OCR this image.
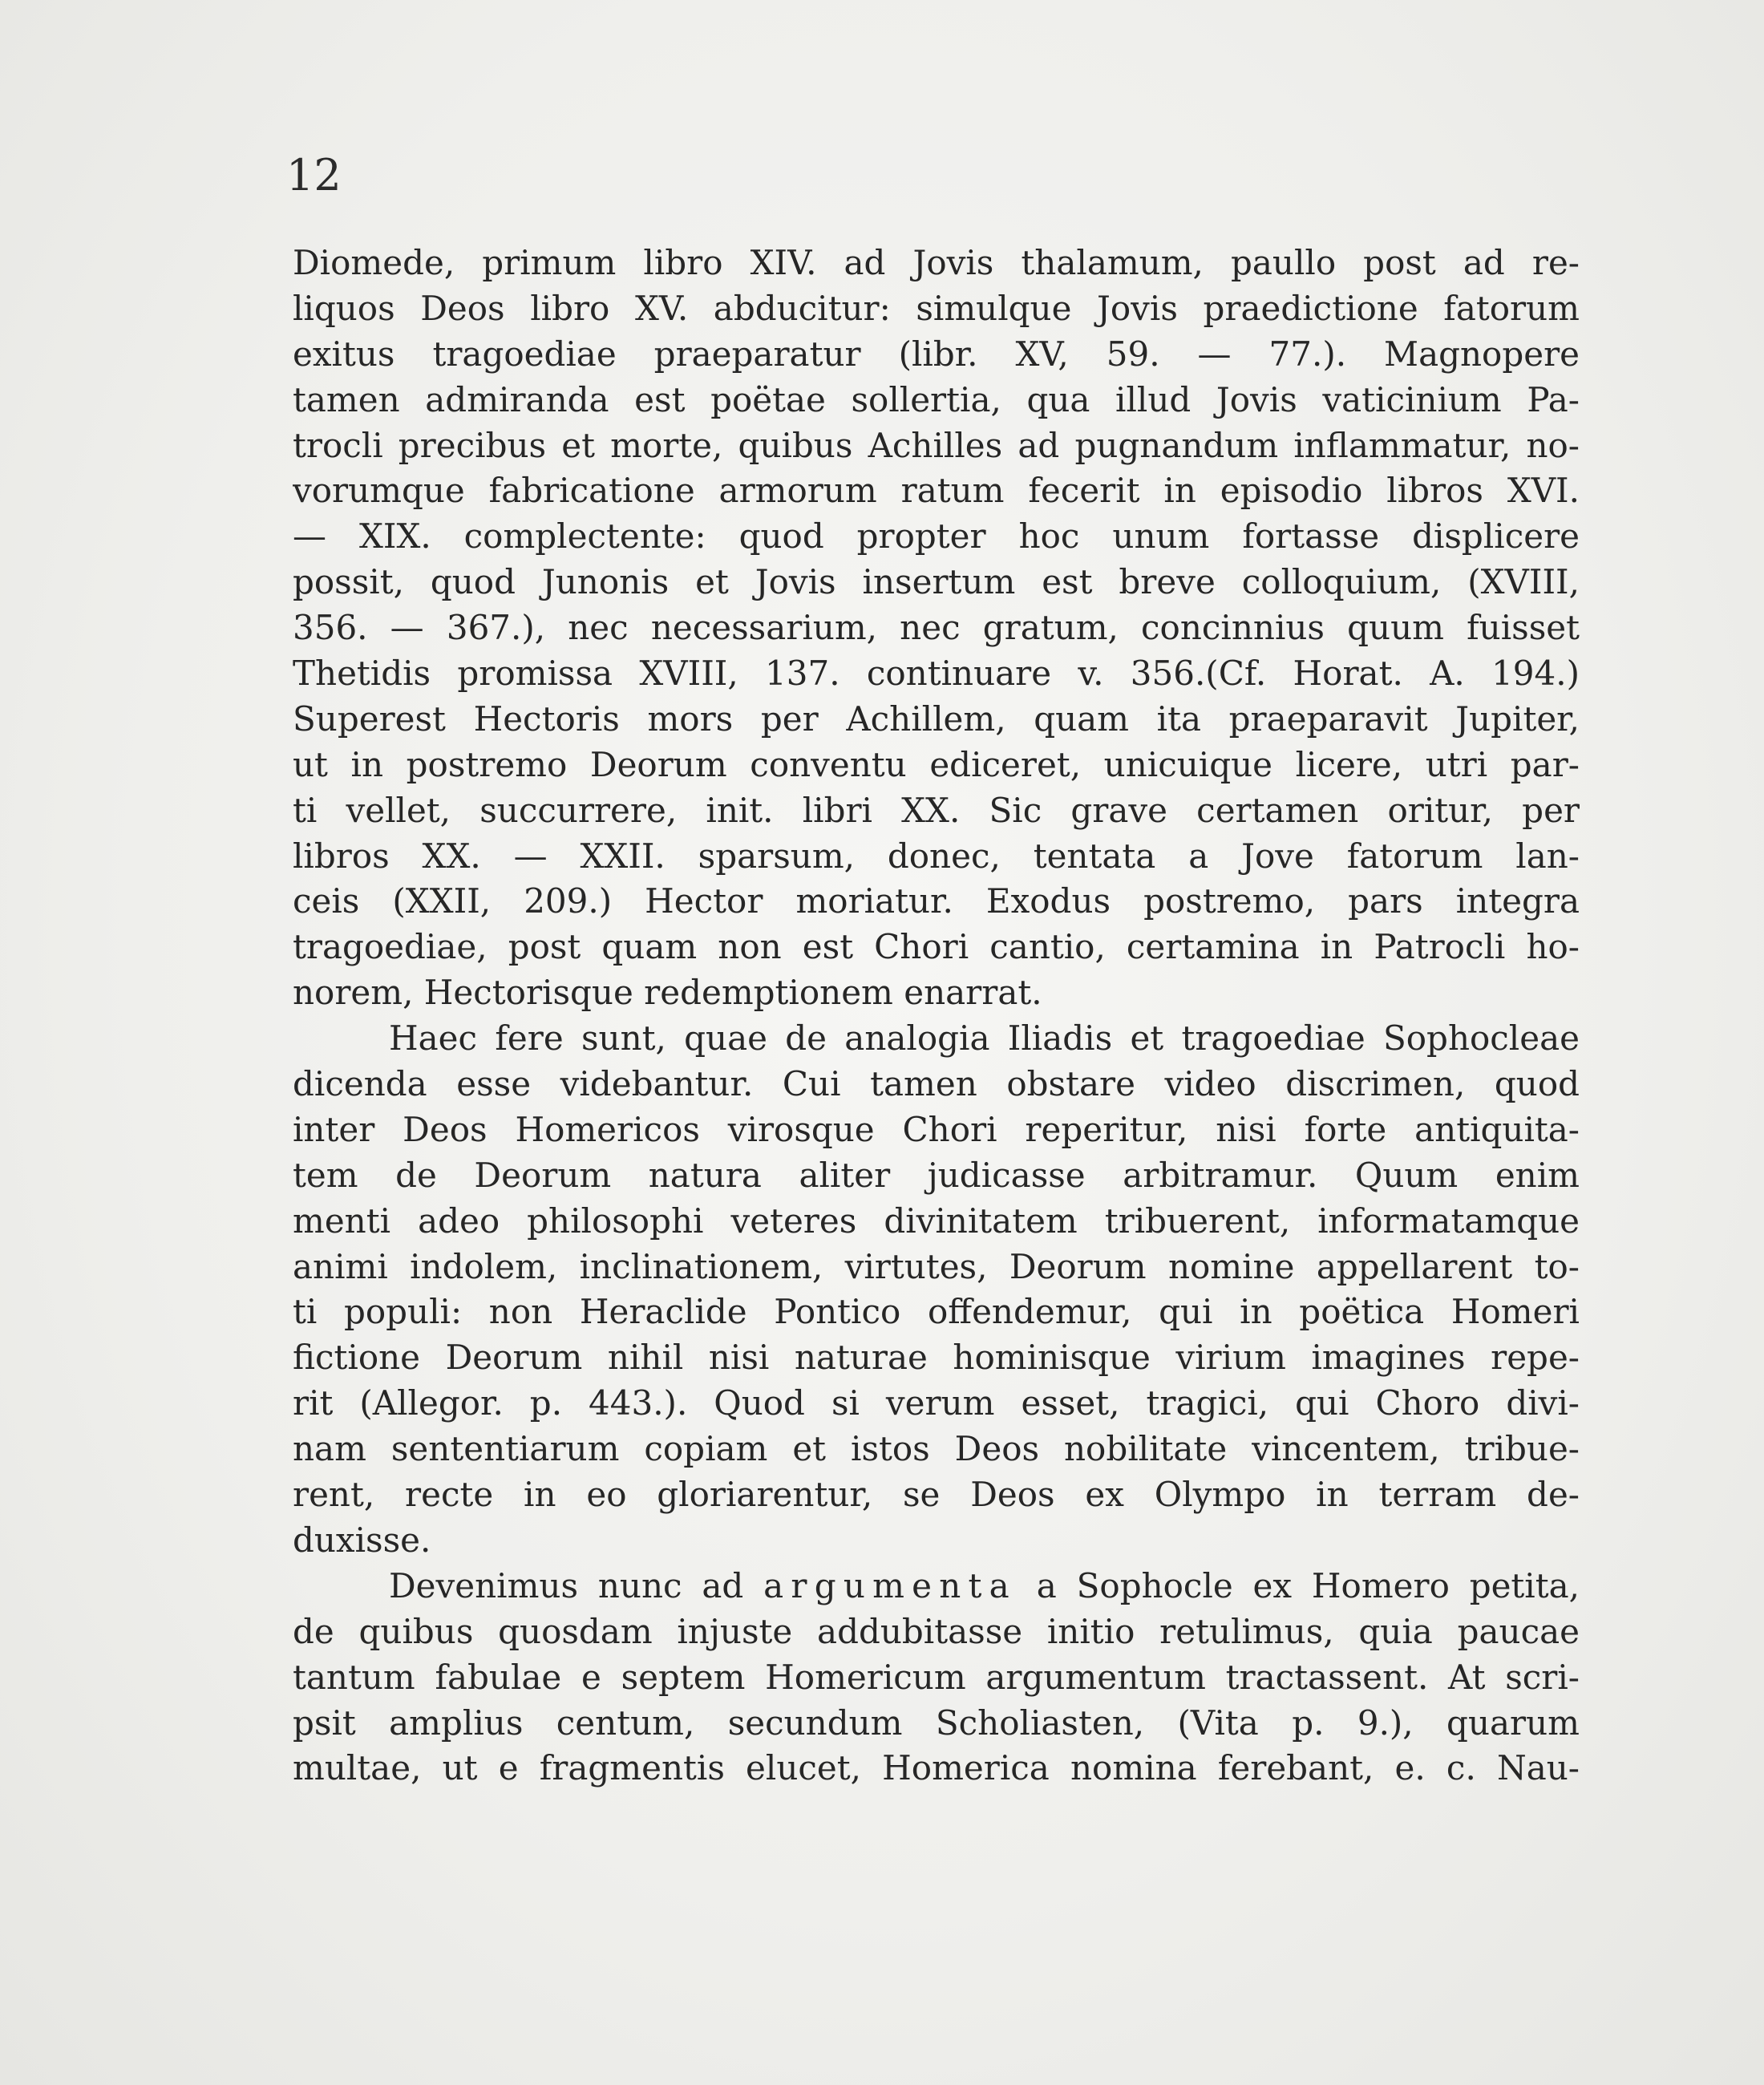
12
Diomede, primum libro XIV. ad Jovis thalamum, paullo post ad re-
liquos Deos libro XV. abducitur: simulque Jovis praedictione fatorum
exitus tragoediae praeparatur (libr. XV, 59. — 77.). Magnopere
tamen admiranda est poëtae sollertia, qua illud Jovis vaticinium Pa-
trocli precibus et morte, quibus Achilles ad pugnandum inflammatur, no-
vorumque fabricatione armorum ratum fecerit in episodio libros XVI.
— XIX. complectente: quod propter hoc unum fortasse displicere
possit, quod Junonis et Jovis insertum est breve colloquium, (XVIII,
356. — 367.), nec necessarium, nec gratum, concinnius quum fuisset
Thetidis promissa XVIII, 137. continuare v. 356.(Cf. Horat. A. 194.)
Superest Hectoris mors per Achillem, quam ita praeparavit Jupiter,
ut in postremo Deorum conventu ediceret, unicuique licere, utri par-
ti vellet, succurrere, init. libri XX. Sic grave certamen oritur, per
libros XX. — XXII. sparsum, donec, tentata a Jove fatorum lan-
ceis (XXII, 209.) Hector moriatur. Exodus postremo, pars integra
tragoediae, post quam non est Chori cantio, certamina in Patrocli ho-
norem, Hectorisque redemptionem enarrat.
Haec fere sunt, quae de analogia Iliadis et tragoediae Sophocleae
dicenda esse videbantur. Cui tamen obstare video discrimen, quod
inter Deos Homericos virosque Chori reperitur, nisi forte antiquita-
tem de Deorum natura aliter judicasse arbitramur. Quum enim
menti adeo philosophi veteres divinitatem tribuerent, informatamque
animi indolem, inclinationem, virtutes, Deorum nomine appellarent to-
ti populi: non Heraclide Pontico offendemur, qui in poëtica Homeri
fictione Deorum nihil nisi naturae hominisque virium imagines repe-
rit (Allegor. p. 443.). Quod si verum esset, tragici, qui Choro divi-
nam sententiarum copiam et istos Deos nobilitate vincentem, tribue-
rent, recte in eo gloriarentur, se Deos ex Olympo in terram de-
duxisse.
Devenimus nunc ad argumenta a Sophocle ex Homero petita,
de quibus quosdam injuste addubitasse initio retulimus, quia paucae
tantum fabulae e septem Homericum argumentum tractassent. At scri-
psit amplius centum, secundum Scholiasten, (Vita p. 9.), quarum
multae, ut e fragmentis elucet, Homerica nomina ferebant, e. c. Nau-
